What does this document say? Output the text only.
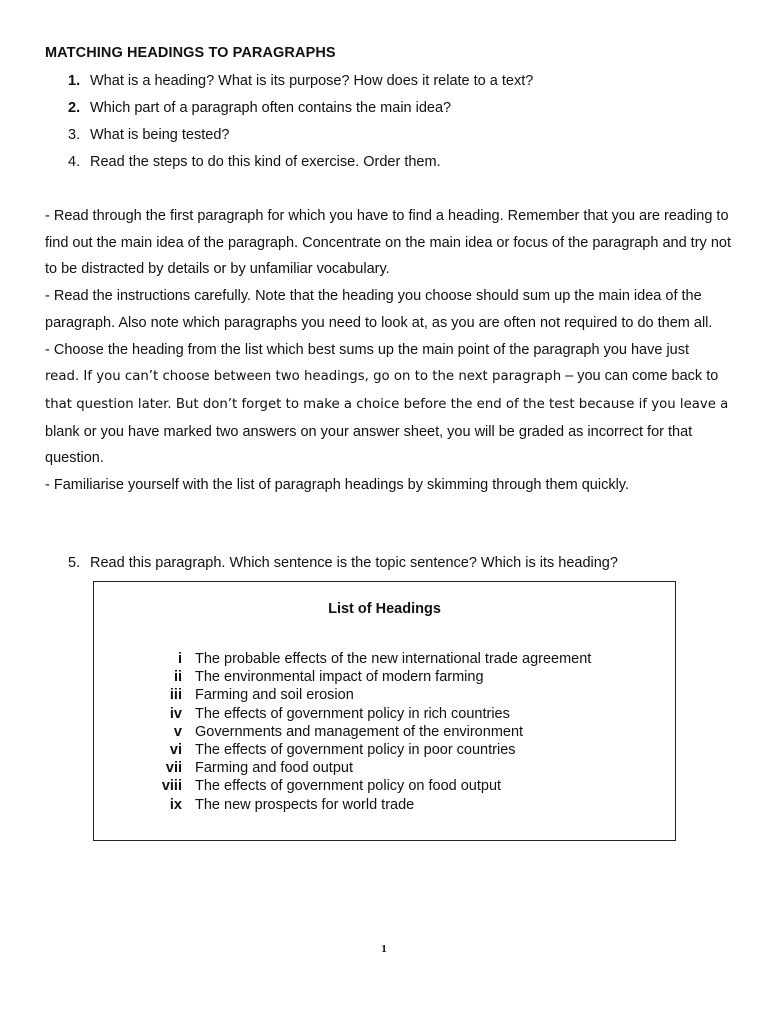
MATCHING HEADINGS TO PARAGRAPHS
1. What is a heading? What is its purpose? How does it relate to a text?
2. Which part of a paragraph often contains the main idea?
3. What is being tested?
4. Read the steps to do this kind of exercise. Order them.

- Read through the first paragraph for which you have to find a heading. Remember that you are reading to find out the main idea of the paragraph. Concentrate on the main idea or focus of the paragraph and try not to be distracted by details or by unfamiliar vocabulary.

- Read the instructions carefully. Note that the heading you choose should sum up the main idea of the paragraph. Also note which paragraphs you need to look at, as you are often not required to do them all.

- Choose the heading from the list which best sums up the main point of the paragraph you have just
read. If you can’t choose between two headings, go on to the next paragraph – you can come back to
that question later. But don’t forget to make a choice before the end of the test because if you leave a
blank or you have marked two answers on your answer sheet, you will be graded as incorrect for that question.

- Familiarise yourself with the list of paragraph headings by skimming through them quickly.

5. Read this paragraph. Which sentence is the topic sentence? Which is its heading?
List of Headings
i The probable effects of the new international trade agreement
ii The environmental impact of modern farming
iii Farming and soil erosion
iv The effects of government policy in rich countries
v Governments and management of the environment
vi The effects of government policy in poor countries
vii Farming and food output
viii The effects of government policy on food output
ix The new prospects for world trade
1
